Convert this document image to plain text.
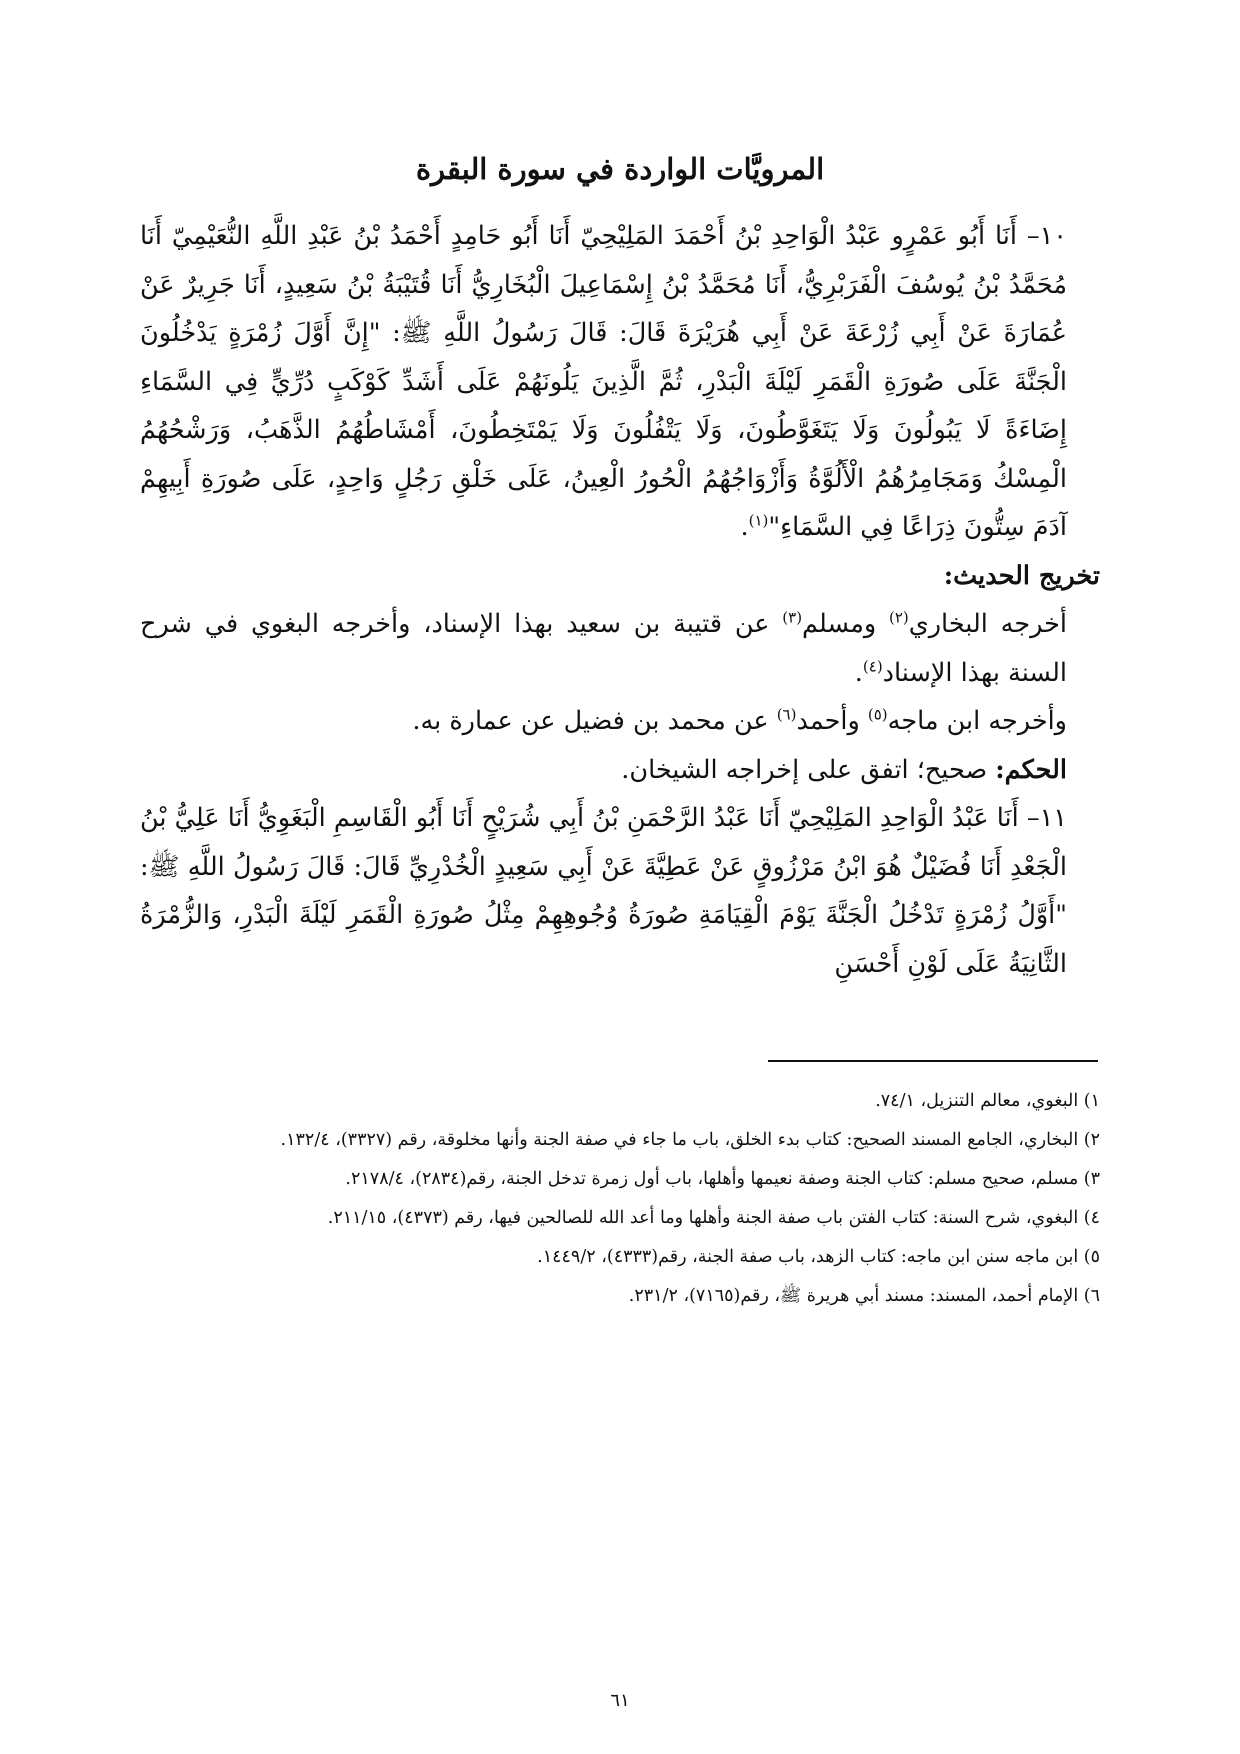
المرويَّات الواردة في سورة البقرة

١٠– أَنَا أَبُو عَمْرٍو عَبْدُ الْوَاحِدِ بْنُ أَحْمَدَ المَلِيْحِيّ أَنَا أَبُو حَامِدٍ أَحْمَدُ بْنُ عَبْدِ اللَّهِ النُّعَيْمِيّ أَنَا مُحَمَّدُ بْنُ يُوسُفَ الْفَرَبْرِيُّ، أَنَا مُحَمَّدُ بْنُ إِسْمَاعِيلَ الْبُخَارِيُّ أَنَا قُتَيْبَةُ بْنُ سَعِيدٍ، أَنَا جَرِيرٌ عَنْ عُمَارَةَ عَنْ أَبِي زُرْعَةَ عَنْ أَبِي هُرَيْرَةَ قَالَ: قَالَ رَسُولُ اللَّهِ ﷺ: "إِنَّ أَوَّلَ زُمْرَةٍ يَدْخُلُونَ الْجَنَّةَ عَلَى صُورَةِ الْقَمَرِ لَيْلَةَ الْبَدْرِ، ثُمَّ الَّذِينَ يَلُونَهُمْ عَلَى أَشَدِّ كَوْكَبٍ دُرِّيٍّ فِي السَّمَاءِ إِضَاءَةً لَا يَبُولُونَ وَلَا يَتَغَوَّطُونَ، وَلَا يَتْفُلُونَ وَلَا يَمْتَخِطُونَ، أَمْشَاطُهُمُ الذَّهَبُ، وَرَشْحُهُمُ الْمِسْكُ وَمَجَامِرُهُمُ الْأَلُوَّةُ وَأَزْوَاجُهُمُ الْحُورُ الْعِينُ، عَلَى خَلْقِ رَجُلٍ وَاحِدٍ، عَلَى صُورَةِ أَبِيهِمْ آدَمَ سِتُّونَ ذِرَاعًا فِي السَّمَاءِ"$^{(١)}$.

تخريج الحديث:

أخرجه البخاري$^{(٢)}$ ومسلم$^{(٣)}$ عن قتيبة بن سعيد بهذا الإسناد، وأخرجه البغوي في شرح السنة بهذا الإسناد$^{(٤)}$.

وأخرجه ابن ماجه$^{(٥)}$ وأحمد$^{(٦)}$ عن محمد بن فضيل عن عمارة به.

الحكم: صحيح؛ اتفق على إخراجه الشيخان.

١١– أَنَا عَبْدُ الْوَاحِدِ المَلِيْحِيّ أَنَا عَبْدُ الرَّحْمَنِ بْنُ أَبِي شُرَيْحٍ أَنَا أَبُو الْقَاسِمِ الْبَغَوِيُّ أَنَا عَلِيُّ بْنُ الْجَعْدِ أَنَا فُضَيْلٌ هُوَ ابْنُ مَرْزُوقٍ عَنْ عَطِيَّةَ عَنْ أَبِي سَعِيدٍ الْخُدْرِيِّ قَالَ: قَالَ رَسُولُ اللَّهِ ﷺ: "أَوَّلُ زُمْرَةٍ تَدْخُلُ الْجَنَّةَ يَوْمَ الْقِيَامَةِ صُورَةُ وُجُوهِهِمْ مِثْلُ صُورَةِ الْقَمَرِ لَيْلَةَ الْبَدْرِ، وَالزُّمْرَةُ الثَّانِيَةُ عَلَى لَوْنِ أَحْسَنِ

١) البغوي، معالم التنزيل، ٧٤/١.

٢) البخاري، الجامع المسند الصحيح: كتاب بدء الخلق، باب ما جاء في صفة الجنة وأنها مخلوقة، رقم (٣٣٢٧)، ١٣٢/٤.

٣) مسلم، صحيح مسلم: كتاب الجنة وصفة نعيمها وأهلها، باب أول زمرة تدخل الجنة، رقم(٢٨٣٤)، ٢١٧٨/٤.

٤) البغوي، شرح السنة: كتاب الفتن باب صفة الجنة وأهلها وما أعد الله للصالحين فيها، رقم (٤٣٧٣)، ٢١١/١٥.

٥) ابن ماجه سنن ابن ماجه: كتاب الزهد، باب صفة الجنة، رقم(٤٣٣٣)، ١٤٤٩/٢.

٦) الإمام أحمد، المسند: مسند أبي هريرة ﷺ، رقم(٧١٦٥)، ٢٣١/٢.

٦١
